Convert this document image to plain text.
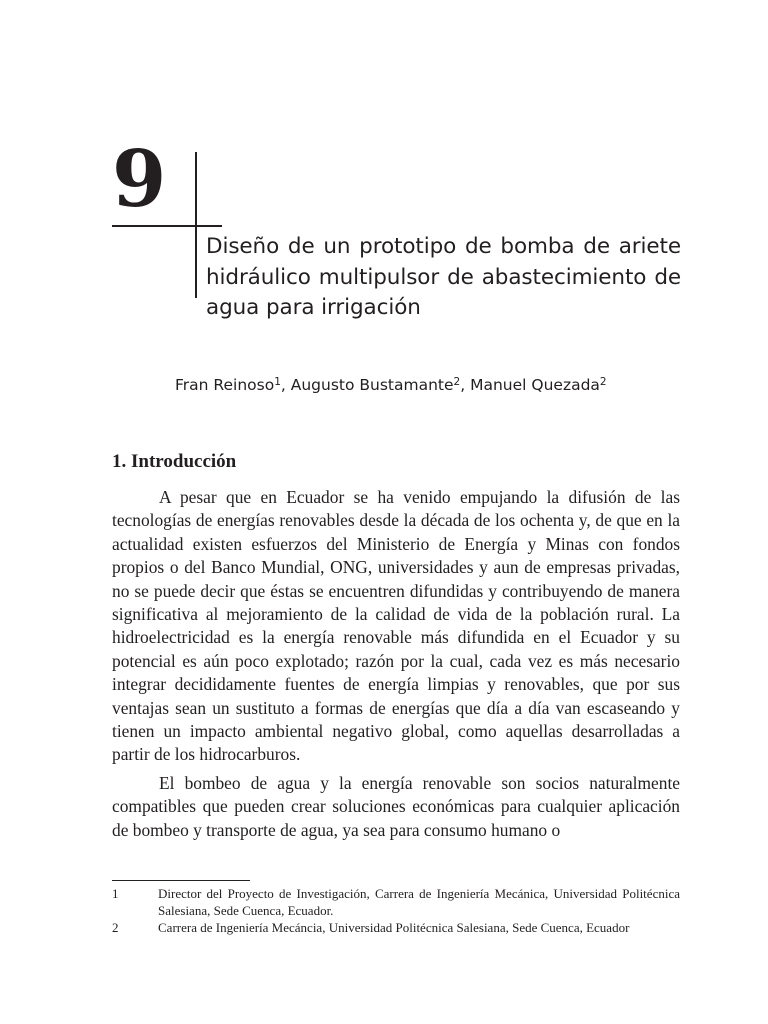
9
Diseño de un prototipo de bomba de ariete hidráulico multipulsor de abastecimiento de agua para irrigación
Fran Reinoso$^1$, Augusto Bustamante$^2$, Manuel Quezada$^2$
1. Introducción

A pesar que en Ecuador se ha venido empujando la difusión de las tecnologías de energías renovables desde la década de los ochenta y, de que en la actualidad existen esfuerzos del Ministerio de Energía y Minas con fondos propios o del Banco Mundial, ONG, universidades y aun de empresas privadas, no se puede decir que éstas se encuentren difundidas y contribuyendo de manera significativa al mejoramiento de la calidad de vida de la población rural. La hidroelectricidad es la energía renovable más difundida en el Ecuador y su potencial es aún poco explotado; razón por la cual, cada vez es más necesario integrar decididamente fuentes de energía limpias y renovables, que por sus ventajas sean un sustituto a formas de energías que día a día van escaseando y tienen un impacto ambiental negativo global, como aquellas desarrolladas a partir de los hidrocarburos.

El bombeo de agua y la energía renovable son socios naturalmente compatibles que pueden crear soluciones económicas para cualquier aplicación de bombeo y transporte de agua, ya sea para consumo humano o

1	Director del Proyecto de Investigación, Carrera de Ingeniería Mecánica, Universidad Politécnica Salesiana, Sede Cuenca, Ecuador.
2	Carrera de Ingeniería Mecáncia, Universidad Politécnica Salesiana, Sede Cuenca, Ecuador
